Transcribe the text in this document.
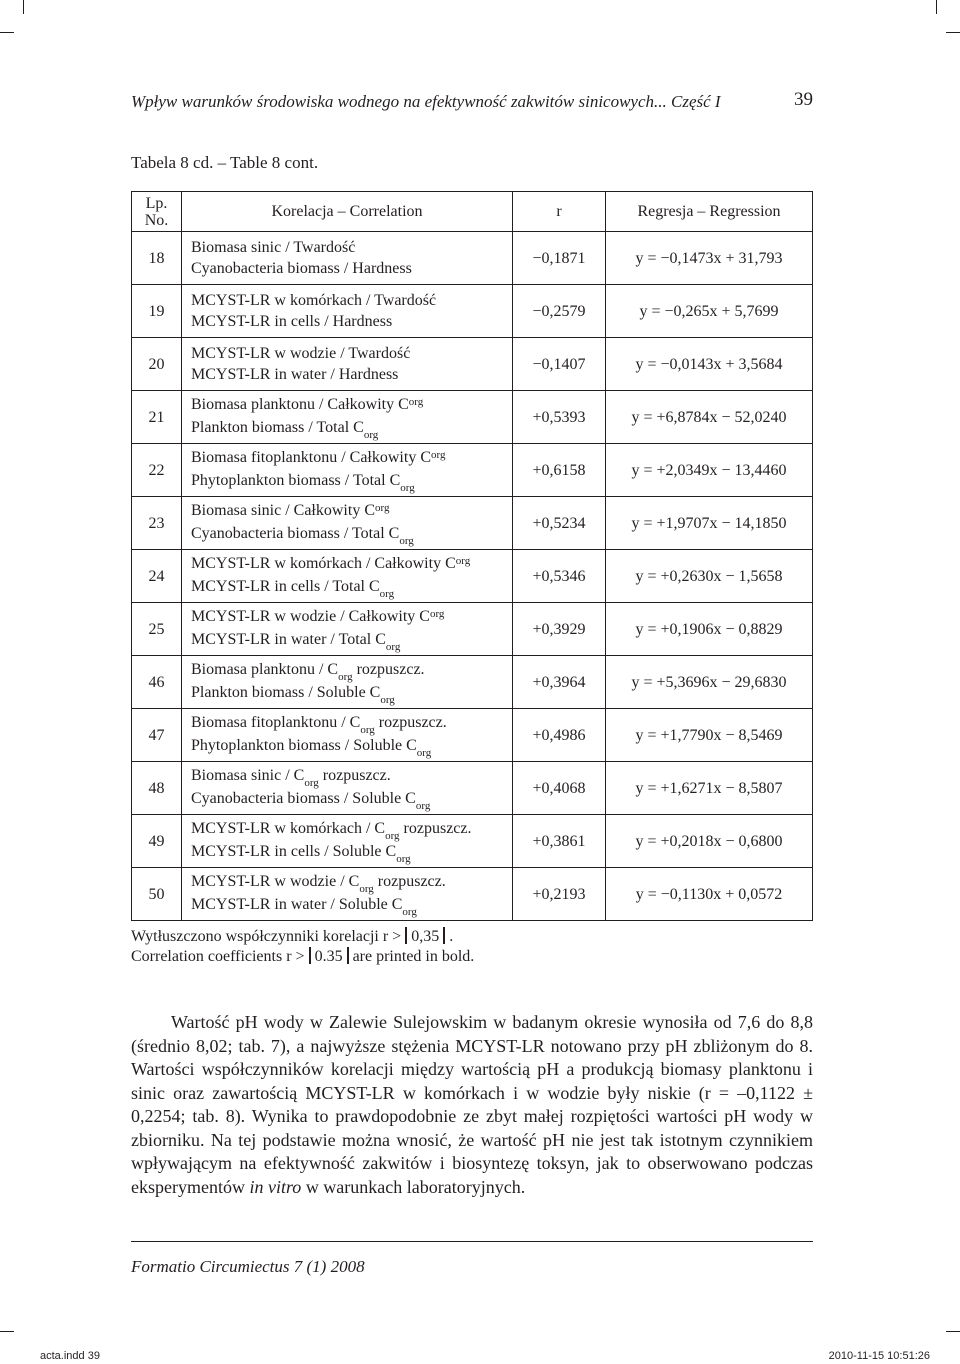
Wpływ warunków środowiska wodnego na efektywność zakwitów sinicowych... Część I	39
Tabela 8 cd. – Table 8 cont.
Lp.
No.	Korelacja – Correlation	r	Regresja – Regression
18	Biomasa sinic / Twardość
Cyanobacteria biomass / Hardness	−0,1871	y = −0,1473x + 31,793
19	MCYST-LR w komórkach / Twardość
MCYST-LR in cells / Hardness	−0,2579	y = −0,265x + 5,7699
20	MCYST-LR w wodzie / Twardość
MCYST-LR in water / Hardness	−0,1407	y = −0,0143x + 3,5684
21	Biomasa planktonu / Całkowity $C^{org}$
Plankton biomass / Total $C_{org}$	+0,5393	y = +6,8784x − 52,0240
22	Biomasa fitoplanktonu / Całkowity $C^{org}$
Phytoplankton biomass / Total $C_{org}$	+0,6158	y = +2,0349x − 13,4460
23	Biomasa sinic / Całkowity $C^{org}$
Cyanobacteria biomass / Total $C_{org}$	+0,5234	y = +1,9707x − 14,1850
24	MCYST-LR w komórkach / Całkowity $C^{org}$
MCYST-LR in cells / Total $C_{org}$	+0,5346	y = +0,2630x − 1,5658
25	MCYST-LR w wodzie / Całkowity $C^{org}$
MCYST-LR in water / Total $C_{org}$	+0,3929	y = +0,1906x − 0,8829
46	Biomasa planktonu / $C_{org}$ rozpuszcz.
Plankton biomass / Soluble $C_{org}$	+0,3964	y = +5,3696x − 29,6830
47	Biomasa fitoplanktonu / $C_{org}$ rozpuszcz.
Phytoplankton biomass / Soluble $C_{org}$	+0,4986	y = +1,7790x − 8,5469
48	Biomasa sinic / $C_{org}$ rozpuszcz.
Cyanobacteria biomass / Soluble $C_{org}$	+0,4068	y = +1,6271x − 8,5807
49	MCYST-LR w komórkach / $C_{org}$ rozpuszcz.
MCYST-LR in cells / Soluble $C_{org}$	+0,3861	y = +0,2018x − 0,6800
50	MCYST-LR w wodzie / $C_{org}$ rozpuszcz.
MCYST-LR in water / Soluble $C_{org}$	+0,2193	y = −0,1130x + 0,0572
Wytłuszczono współczynniki korelacji r > 0,35 .
Correlation coefficients r > 0.35 are printed in bold.

Wartość pH wody w Zalewie Sulejowskim w badanym okresie wynosiła od 7,6 do 8,8 (średnio 8,02; tab. 7), a najwyższe stężenia MCYST-LR notowano przy pH zbliżonym do 8. Wartości współczynników korelacji między wartością pH a produkcją biomasy planktonu i sinic oraz zawartością MCYST-LR w komórkach i w wodzie były niskie (r = –0,1122 ± 0,2254; tab. 8). Wynika to prawdopodobnie ze zbyt małej rozpiętości wartości pH wody w zbiorniku. Na tej podstawie można wnosić, że wartość pH nie jest tak istotnym czynnikiem wpływającym na efektywność zakwitów i biosyntezę toksyn, jak to obserwowano podczas eksperymentów in vitro w warunkach laboratoryjnych.

Formatio Circumiectus 7 (1) 2008
acta.indd 39	2010-11-15 10:51:26
